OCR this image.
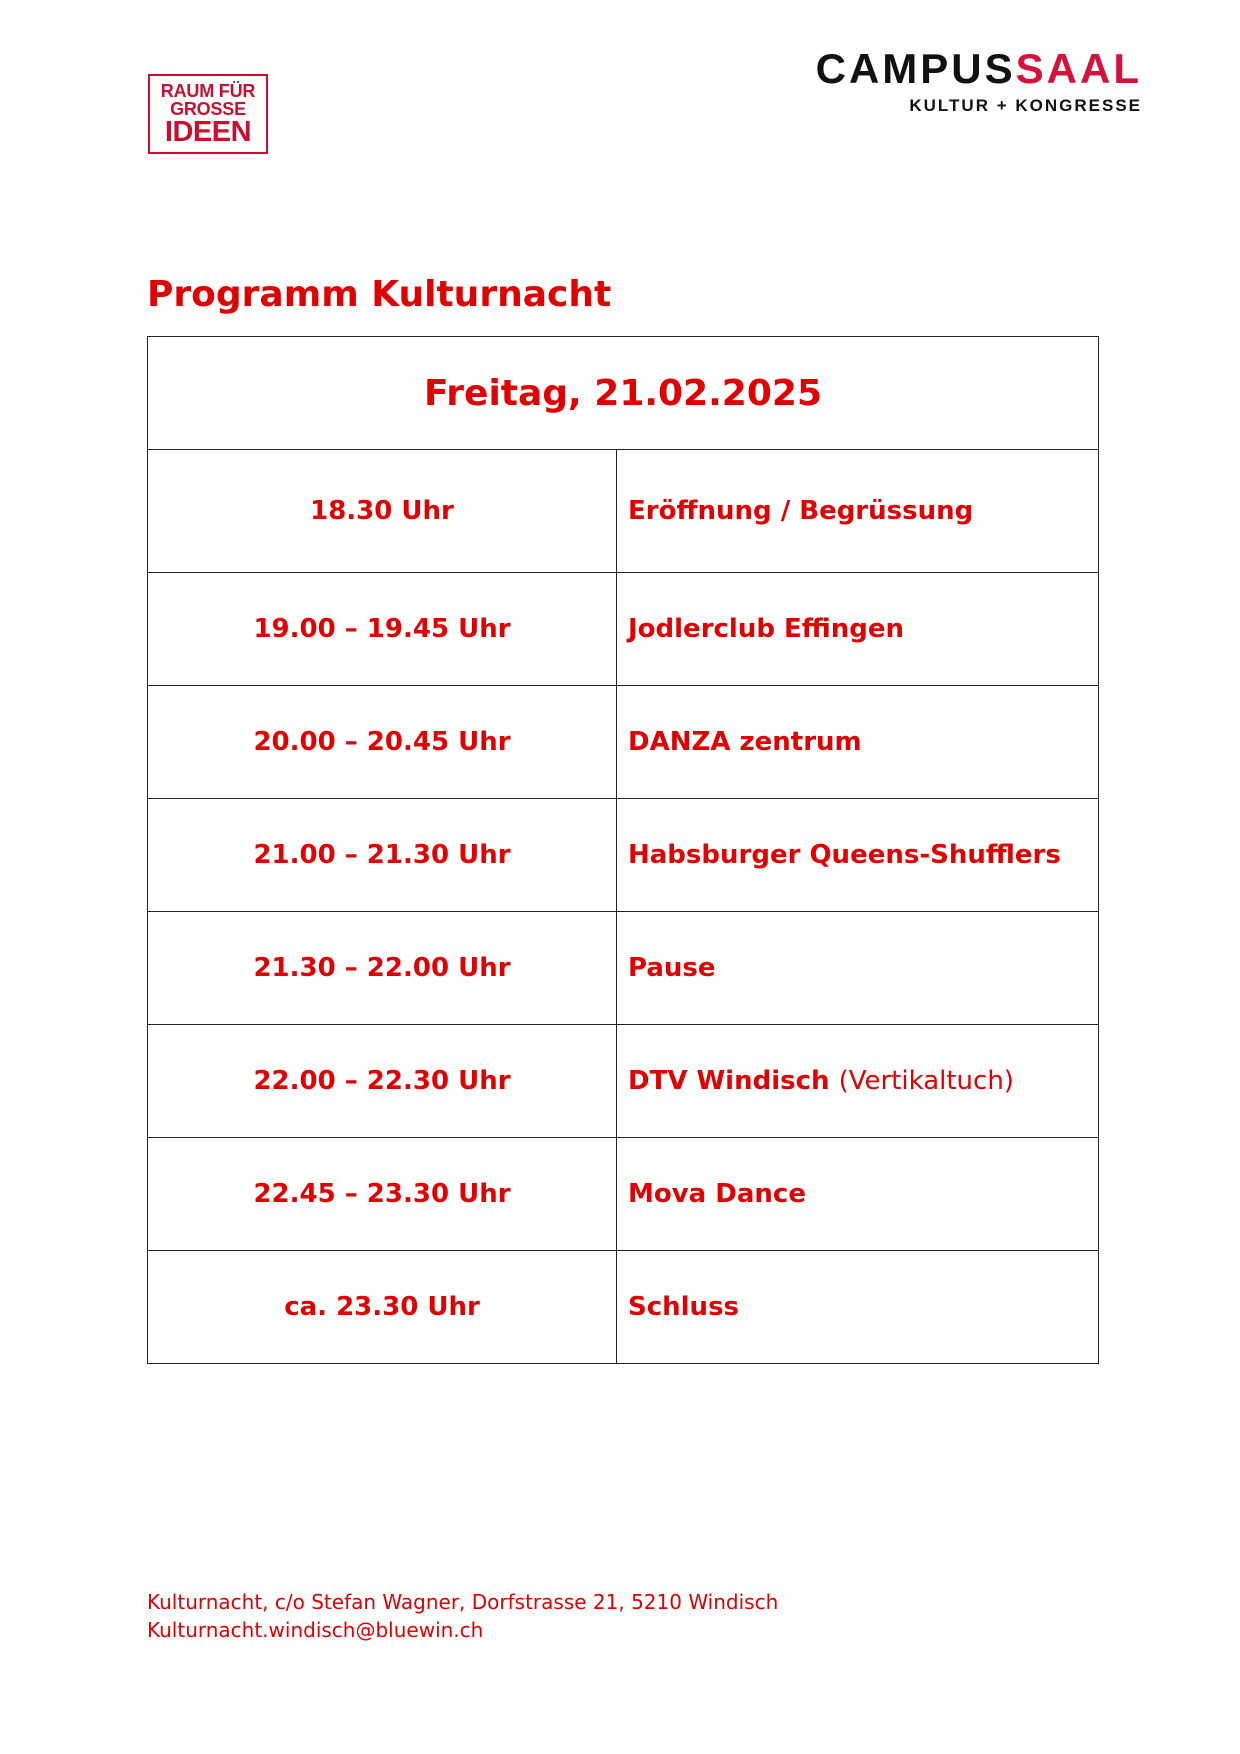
RAUM FÜR
GROSSE
IDEEN
CAMPUSSAAL
KULTUR + KONGRESSE
Programm Kulturnacht
Freitag, 21.02.2025	
18.30 Uhr	Eröffnung / Begrüssung
19.00 – 19.45 Uhr	Jodlerclub Effingen
20.00 – 20.45 Uhr	DANZA zentrum
21.00 – 21.30 Uhr	Habsburger Queens-Shufflers
21.30 – 22.00 Uhr	Pause
22.00 – 22.30 Uhr	DTV Windisch (Vertikaltuch)
22.45 – 23.30 Uhr	Mova Dance
ca. 23.30 Uhr	Schluss
Kulturnacht, c/o Stefan Wagner, Dorfstrasse 21, 5210 Windisch
Kulturnacht.windisch@bluewin.ch
